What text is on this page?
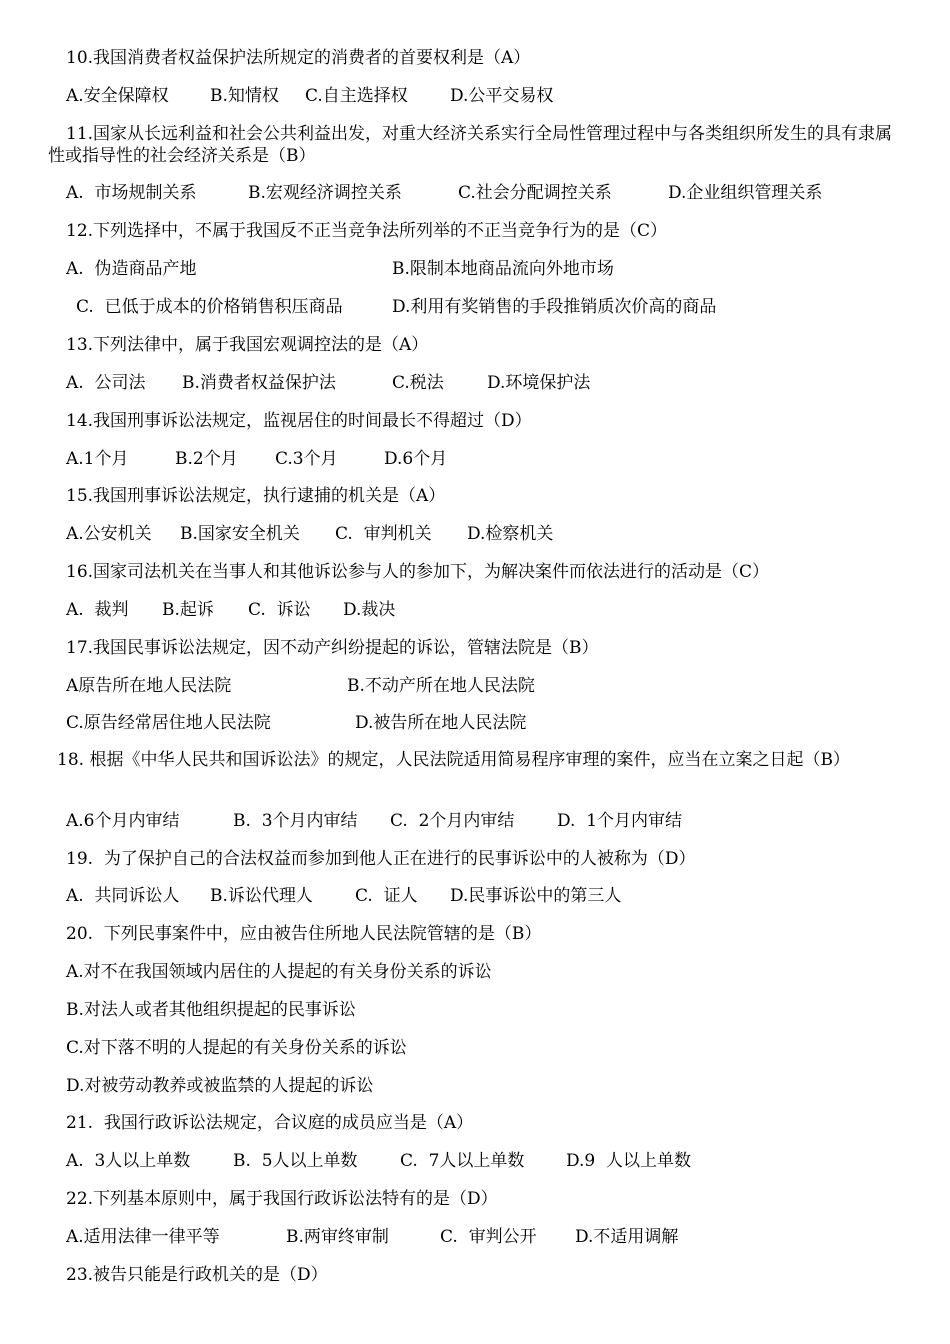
10.我国消费者权益保护法所规定的消费者的首要权利是（A）
A.安全保障权 B.知情权 C.自主选择权 D.公平交易权
11.国家从长远利益和社会公共利益出发，对重大经济关系实行全局性管理过程中与各类组织所发生的具有隶属性或指导性的社会经济关系是（B）
A.  市场规制关系	B.宏观经济调控关系	C.社会分配调控关系	D.企业组织管理关系
12.下列选择中，不属于我国反不正当竞争法所列举的不正当竞争行为的是（C）
A.  伪造商品产地	B.限制本地商品流向外地市场
C.  已低于成本的价格销售积压商品	D.利用有奖销售的手段推销质次价高的商品
13.下列法律中，属于我国宏观调控法的是（A）
A.  公司法 B.消费者权益保护法	C.税法	D.环境保护法
14.我国刑事诉讼法规定，监视居住的时间最长不得超过（D）
A.1个月	B.2个月 C.3个月	D.6个月
15.我国刑事诉讼法规定，执行逮捕的机关是（A）
A.公安机关 B.国家安全机关 C.  审判机关 D.检察机关
16.国家司法机关在当事人和其他诉讼参与人的参加下，为解决案件而依法进行的活动是（C）
A.  裁判 B.起诉 C.  诉讼 D.裁决
17.我国民事诉讼法规定，因不动产纠纷提起的诉讼，管辖法院是（B）
A原告所在地人民法院	B.不动产所在地人民法院
C.原告经常居住地人民法院	D.被告所在地人民法院
18. 根据《中华人民共和国诉讼法》的规定，人民法院适用简易程序审理的案件，应当在立案之日起（B）
A.6个月内审结	B.  3个月内审结 C.  2个月内审结	D.  1个月内审结
19.  为了保护自己的合法权益而参加到他人正在进行的民事诉讼中的人被称为（D）
A.  共同诉讼人 B.诉讼代理人 C.  证人 D.民事诉讼中的第三人
20.  下列民事案件中，应由被告住所地人民法院管辖的是（B）
A.对不在我国领域内居住的人提起的有关身份关系的诉讼
B.对法人或者其他组织提起的民事诉讼
C.对下落不明的人提起的有关身份关系的诉讼
D.对被劳动教养或被监禁的人提起的诉讼
21.  我国行政诉讼法规定，合议庭的成员应当是（A）
A.  3人以上单数	B.  5人以上单数 C.  7人以上单数 D.9  人以上单数
22.下列基本原则中，属于我国行政诉讼法特有的是（D）
A.适用法律一律平等	B.两审终审制	C.  审判公开 D.不适用调解
23.被告只能是行政机关的是（D）
